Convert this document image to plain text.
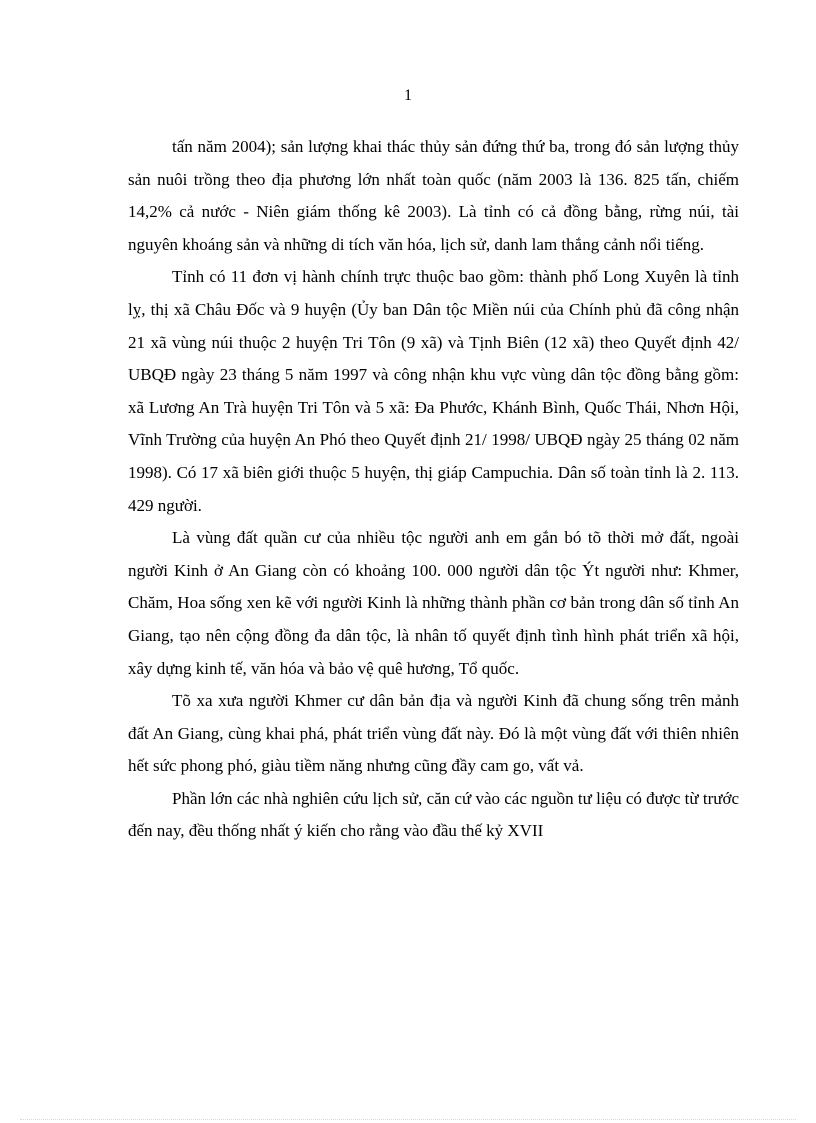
1

tấn năm 2004); sản lượng khai thác thủy sản đứng thứ ba, trong đó sản lượng thủy sản nuôi trồng theo địa phương lớn nhất toàn quốc (năm 2003 là 136. 825 tấn, chiếm 14,2% cả nước - Niên giám thống kê 2003). Là tỉnh có cả đồng bằng, rừng núi, tài nguyên khoáng sản và những di tích văn hóa, lịch sử, danh lam thắng cảnh nổi tiếng.

Tỉnh có 11 đơn vị hành chính trực thuộc bao gồm: thành phố Long Xuyên là tỉnh lỵ, thị xã Châu Đốc và 9 huyện (Ủy ban Dân tộc Miền núi của Chính phủ đã công nhận 21 xã vùng núi thuộc 2 huyện Tri Tôn (9 xã) và Tịnh Biên (12 xã) theo Quyết định 42/ UBQĐ ngày 23 tháng 5 năm 1997 và công nhận khu vực vùng dân tộc đồng bằng gồm: xã Lương An Trà huyện Tri Tôn và 5 xã: Đa Phước, Khánh Bình, Quốc Thái, Nhơn Hội, Vĩnh Trường của huyện An Phó theo Quyết định 21/ 1998/ UBQĐ ngày 25 tháng 02 năm 1998). Có 17 xã biên giới thuộc 5 huyện, thị giáp Campuchia. Dân số toàn tỉnh là 2. 113. 429 người.

Là vùng đất quần cư của nhiều tộc người anh em gắn bó tõ thời mở đất, ngoài người Kinh ở An Giang còn có khoảng 100. 000 người dân tộc Ýt người như: Khmer, Chăm, Hoa sống xen kẽ với người Kinh là những thành phần cơ bản trong dân số tỉnh An Giang, tạo nên cộng đồng đa dân tộc, là nhân tố quyết định tình hình phát triển xã hội, xây dựng kinh tế, văn hóa và bảo vệ quê hương, Tổ quốc.

Tõ xa xưa người Khmer cư dân bản địa và người Kinh đã chung sống trên mảnh đất An Giang, cùng khai phá, phát triển vùng đất này. Đó là một vùng đất với thiên nhiên hết sức phong phó, giàu tiềm năng nhưng cũng đầy cam go, vất vả.

Phần lớn các nhà nghiên cứu lịch sử, căn cứ vào các nguồn tư liệu có được từ trước đến nay, đều thống nhất ý kiến cho rằng vào đầu thế kỷ XVII
